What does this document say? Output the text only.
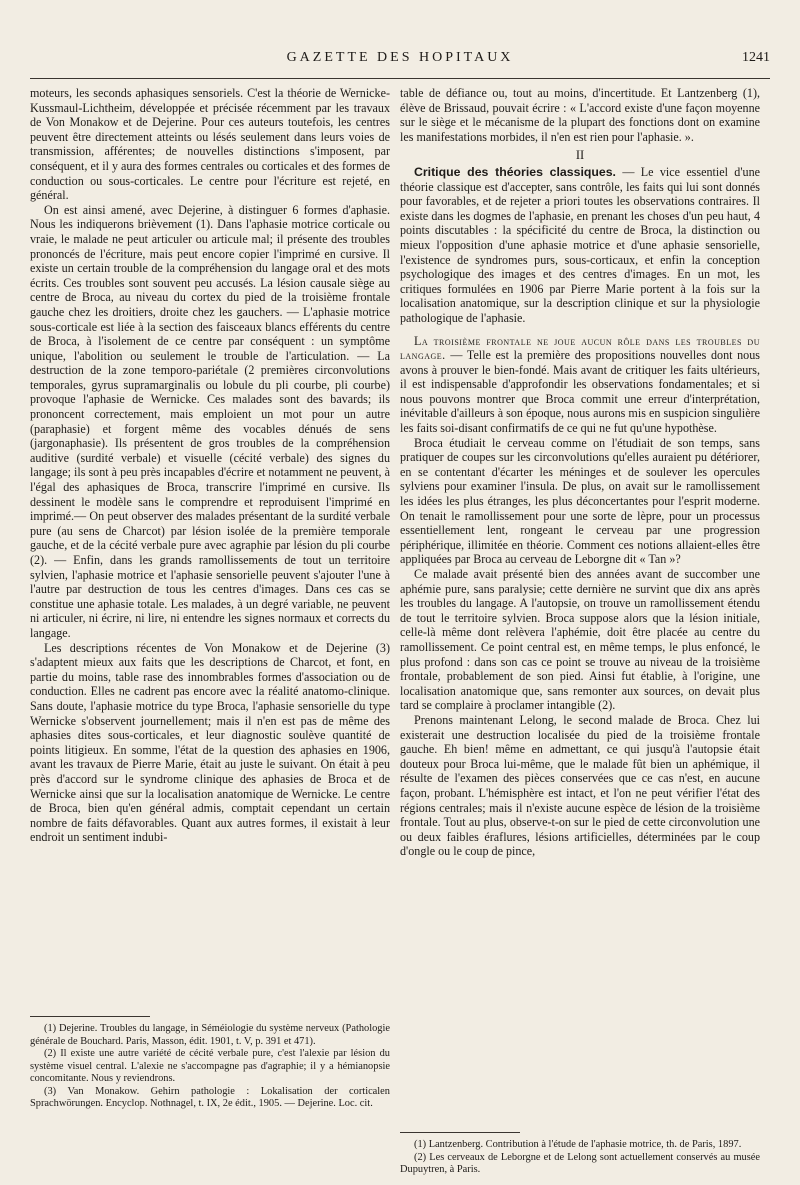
GAZETTE DES HOPITAUX	1241

moteurs, les seconds aphasiques sensoriels. C'est la théorie de Wernicke-Kussmaul-Lichtheim, développée et précisée récemment par les travaux de Von Monakow et de Dejerine. Pour ces auteurs toutefois, les centres peuvent être directement atteints ou lésés seulement dans leurs voies de transmission, afférentes; de nouvelles distinctions s'imposent, par conséquent, et il y aura des formes centrales ou corticales et des formes de conduction ou sous-corticales. Le centre pour l'écriture est rejeté, en général.

On est ainsi amené, avec Dejerine, à distinguer 6 formes d'aphasie. Nous les indiquerons brièvement (1). Dans l'aphasie motrice corticale ou vraie, le malade ne peut articuler ou articule mal; il présente des troubles prononcés de l'écriture, mais peut encore copier l'imprimé en cursive. Il existe un certain trouble de la compréhension du langage oral et des mots écrits. Ces troubles sont souvent peu accusés. La lésion causale siège au centre de Broca, au niveau du cortex du pied de la troisième frontale gauche chez les droitiers, droite chez les gauchers. — L'aphasie motrice sous-corticale est liée à la section des faisceaux blancs efférents du centre de Broca, à l'isolement de ce centre par conséquent : un symptôme unique, l'abolition ou seulement le trouble de l'articulation. — La destruction de la zone temporo-pariétale (2 premières circonvolutions temporales, gyrus supramarginalis ou lobule du pli courbe, pli courbe) provoque l'aphasie de Wernicke. Ces malades sont des bavards; ils prononcent correctement, mais emploient un mot pour un autre (paraphasie) et forgent même des vocables dénués de sens (jargonaphasie). Ils présentent de gros troubles de la compréhension auditive (surdité verbale) et visuelle (cécité verbale) des signes du langage; ils sont à peu près incapables d'écrire et notamment ne peuvent, à l'égal des aphasiques de Broca, transcrire l'imprimé en cursive. Ils dessinent le modèle sans le comprendre et reproduisent l'imprimé en imprimé.— On peut observer des malades présentant de la surdité verbale pure (au sens de Charcot) par lésion isolée de la première temporale gauche, et de la cécité verbale pure avec agraphie par lésion du pli courbe (2). — Enfin, dans les grands ramollissements de tout un territoire sylvien, l'aphasie motrice et l'aphasie sensorielle peuvent s'ajouter l'une à l'autre par destruction de tous les centres d'images. Dans ces cas se constitue une aphasie totale. Les malades, à un degré variable, ne peuvent ni articuler, ni écrire, ni lire, ni entendre les signes normaux et corrects du langage.

Les descriptions récentes de Von Monakow et de Dejerine (3) s'adaptent mieux aux faits que les descriptions de Charcot, et font, en partie du moins, table rase des innombrables formes d'association ou de conduction. Elles ne cadrent pas encore avec la réalité anatomo-clinique. Sans doute, l'aphasie motrice du type Broca, l'aphasie sensorielle du type Wernicke s'observent journellement; mais il n'en est pas de même des aphasies dites sous-corticales, et leur diagnostic soulève quantité de points litigieux. En somme, l'état de la question des aphasies en 1906, avant les travaux de Pierre Marie, était au juste le suivant. On était à peu près d'accord sur le syndrome clinique des aphasies de Broca et de Wernicke ainsi que sur la localisation anatomique de Wernicke. Le centre de Broca, bien qu'en général admis, comptait cependant un certain nombre de faits défavorables. Quant aux autres formes, il existait à leur endroit un sentiment indubi-

(1) Dejerine. Troubles du langage, in Séméiologie du système nerveux (Pathologie générale de Bouchard. Paris, Masson, édit. 1901, t. V, p. 391 et 471).

(2) Il existe une autre variété de cécité verbale pure, c'est l'alexie par lésion du système visuel central. L'alexie ne s'accompagne pas d'agraphie; il y a hémianopsie concomitante. Nous y reviendrons.

(3) Van Monakow. Gehirn pathologie : Lokalisation der corticalen Sprachwörungen. Encyclop. Nothnagel, t. IX, 2e édit., 1905. — Dejerine. Loc. cit.

table de défiance ou, tout au moins, d'incertitude. Et Lantzenberg (1), élève de Brissaud, pouvait écrire : « L'accord existe d'une façon moyenne sur le siège et le mécanisme de la plupart des fonctions dont on examine les manifestations morbides, il n'en est rien pour l'aphasie. ».

II

Critique des théories classiques. — Le vice essentiel d'une théorie classique est d'accepter, sans contrôle, les faits qui lui sont donnés pour favorables, et de rejeter a priori toutes les observations contraires. Il existe dans les dogmes de l'aphasie, en prenant les choses d'un peu haut, 4 points discutables : la spécificité du centre de Broca, la distinction ou mieux l'opposition d'une aphasie motrice et d'une aphasie sensorielle, l'existence de syndromes purs, sous-corticaux, et enfin la conception psychologique des images et des centres d'images. En un mot, les critiques formulées en 1906 par Pierre Marie portent à la fois sur la localisation anatomique, sur la description clinique et sur la physiologie pathologique de l'aphasie.

La troisième frontale ne joue aucun rôle dans les troubles du langage. — Telle est la première des propositions nouvelles dont nous avons à prouver le bien-fondé. Mais avant de critiquer les faits ultérieurs, il est indispensable d'approfondir les observations fondamentales; et si nous pouvons montrer que Broca commit une erreur d'interprétation, inévitable d'ailleurs à son époque, nous aurons mis en suspicion singulière les faits soi-disant confirmatifs de ce qui ne fut qu'une hypothèse.

Broca étudiait le cerveau comme on l'étudiait de son temps, sans pratiquer de coupes sur les circonvolutions qu'elles auraient pu détériorer, en se contentant d'écarter les méninges et de soulever les opercules sylviens pour examiner l'insula. De plus, on avait sur le ramollissement les idées les plus étranges, les plus déconcertantes pour l'esprit moderne. On tenait le ramollissement pour une sorte de lèpre, pour un processus essentiellement lent, rongeant le cerveau par une progression périphérique, illimitée en théorie. Comment ces notions allaient-elles être appliquées par Broca au cerveau de Leborgne dit « Tan »?

Ce malade avait présenté bien des années avant de succomber une aphémie pure, sans paralysie; cette dernière ne survint que dix ans après les troubles du langage. A l'autopsie, on trouve un ramollissement étendu de tout le territoire sylvien. Broca suppose alors que la lésion initiale, celle-là même dont relèvera l'aphémie, doit être placée au centre du ramollissement. Ce point central est, en même temps, le plus enfoncé, le plus profond : dans son cas ce point se trouve au niveau de la troisième frontale, probablement de son pied. Ainsi fut établie, à l'origine, une localisation anatomique que, sans remonter aux sources, on devait plus tard se complaire à proclamer intangible (2).

Prenons maintenant Lelong, le second malade de Broca. Chez lui existerait une destruction localisée du pied de la troisième frontale gauche. Eh bien! même en admettant, ce qui jusqu'à l'autopsie était douteux pour Broca lui-même, que le malade fût bien un aphémique, il résulte de l'examen des pièces conservées que ce cas n'est, en aucune façon, probant. L'hémisphère est intact, et l'on ne peut vérifier l'état des régions centrales; mais il n'existe aucune espèce de lésion de la troisième frontale. Tout au plus, observe-t-on sur le pied de cette circonvolution une ou deux faibles éraflures, lésions artificielles, déterminées par le coup d'ongle ou le coup de pince,

(1) Lantzenberg. Contribution à l'étude de l'aphasie motrice, th. de Paris, 1897.

(2) Les cerveaux de Leborgne et de Lelong sont actuellement conservés au musée Dupuytren, à Paris.
